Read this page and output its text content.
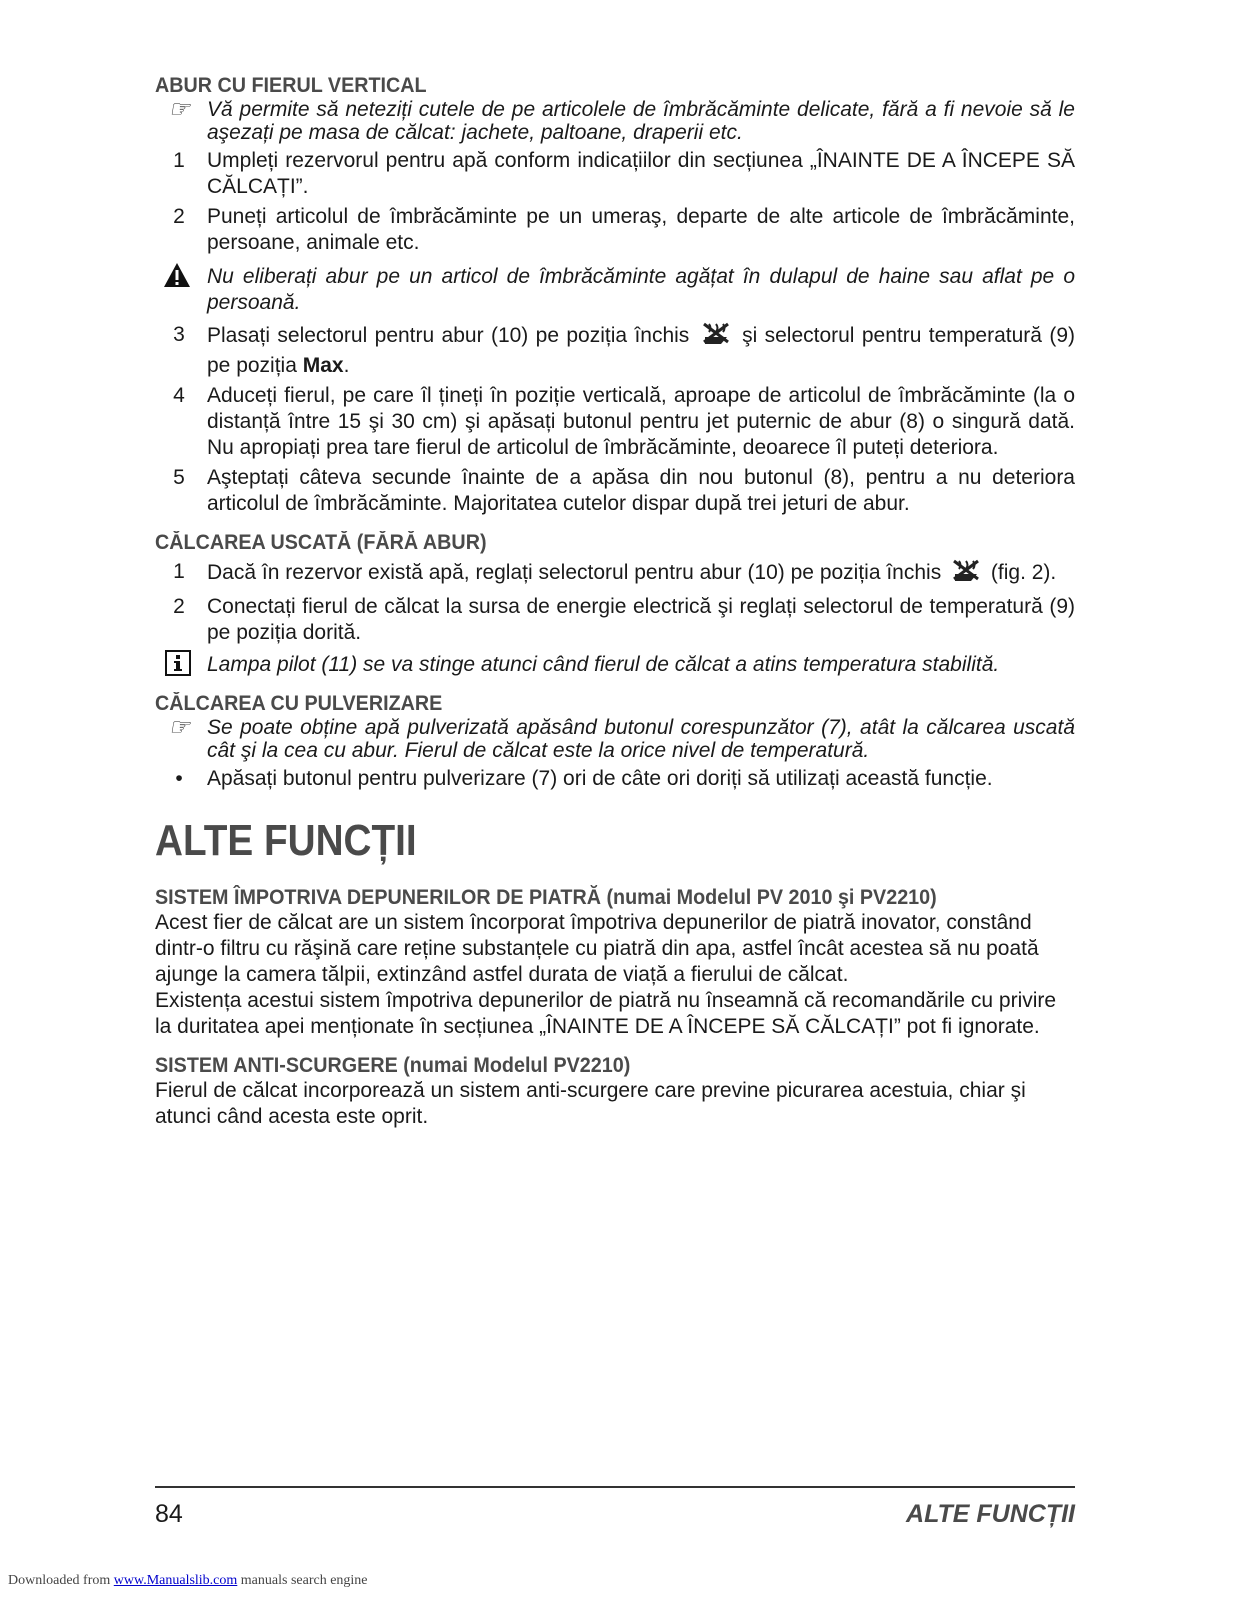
ABUR CU FIERUL VERTICAL
☞ Vă permite să neteziți cutele de pe articolele de îmbrăcăminte delicate, fără a fi nevoie să le aşezați pe masa de călcat: jachete, paltoane, draperii etc.
1	Umpleți rezervorul pentru apă conform indicațiilor din secțiunea „ÎNAINTE DE A ÎNCEPE SĂ CĂLCAȚI”.
2	Puneți articolul de îmbrăcăminte pe un umeraş, departe de alte articole de îmbrăcăminte, persoane, animale etc.
Nu eliberați abur pe un articol de îmbrăcăminte agățat în dulapul de haine sau aflat pe o persoană.
3	Plasați selectorul pentru abur (10) pe poziția închis	şi selectorul pentru temperatură (9) pe poziția Max.
4	Aduceți fierul, pe care îl țineți în poziție verticală, aproape de articolul de îmbrăcăminte (la o distanță între 15 şi 30 cm) şi apăsați butonul pentru jet puternic de abur (8) o singură dată. Nu apropiați prea tare fierul de articolul de îmbrăcăminte, deoarece îl puteți deteriora.
5	Aşteptați câteva secunde înainte de a apăsa din nou butonul (8), pentru a nu deteriora articolul de îmbrăcăminte. Majoritatea cutelor dispar după trei jeturi de abur.
CĂLCAREA USCATĂ (FĂRĂ ABUR)
1	Dacă în rezervor există apă, reglați selectorul pentru abur (10) pe poziția închis (fig. 2).
2	Conectați fierul de călcat la sursa de energie electrică şi reglați selectorul de temperatură (9) pe poziția dorită.
Lampa pilot (11) se va stinge atunci când fierul de călcat a atins temperatura stabilită.
CĂLCAREA CU PULVERIZARE
☞ Se poate obține apă pulverizată apăsând butonul corespunzător (7), atât la călcarea uscată cât şi la cea cu abur. Fierul de călcat este la orice nivel de temperatură.
•	Apăsați butonul pentru pulverizare (7) ori de câte ori doriți să utilizați această funcție.
ALTE FUNCȚII
SISTEM ÎMPOTRIVA DEPUNERILOR DE PIATRĂ (numai Modelul PV 2010 şi PV2210)

Acest fier de călcat are un sistem încorporat împotriva depunerilor de piatră inovator, constând dintr-o filtru cu răşină care reține substanțele cu piatră din apa, astfel încât acestea să nu poată ajunge la camera tălpii, extinzând astfel durata de viață a fierului de călcat.

Existența acestui sistem împotriva depunerilor de piatră nu înseamnă că recomandările cu privire la duritatea apei menționate în secțiunea „ÎNAINTE DE A ÎNCEPE SĂ CĂLCAȚI” pot fi ignorate.

SISTEM ANTI-SCURGERE (numai Modelul PV2210)

Fierul de călcat incorporează un sistem anti-scurgere care previne picurarea acestuia, chiar şi atunci când acesta este oprit.

84	ALTE FUNCȚII
Downloaded from www.Manualslib.com manuals search engine
